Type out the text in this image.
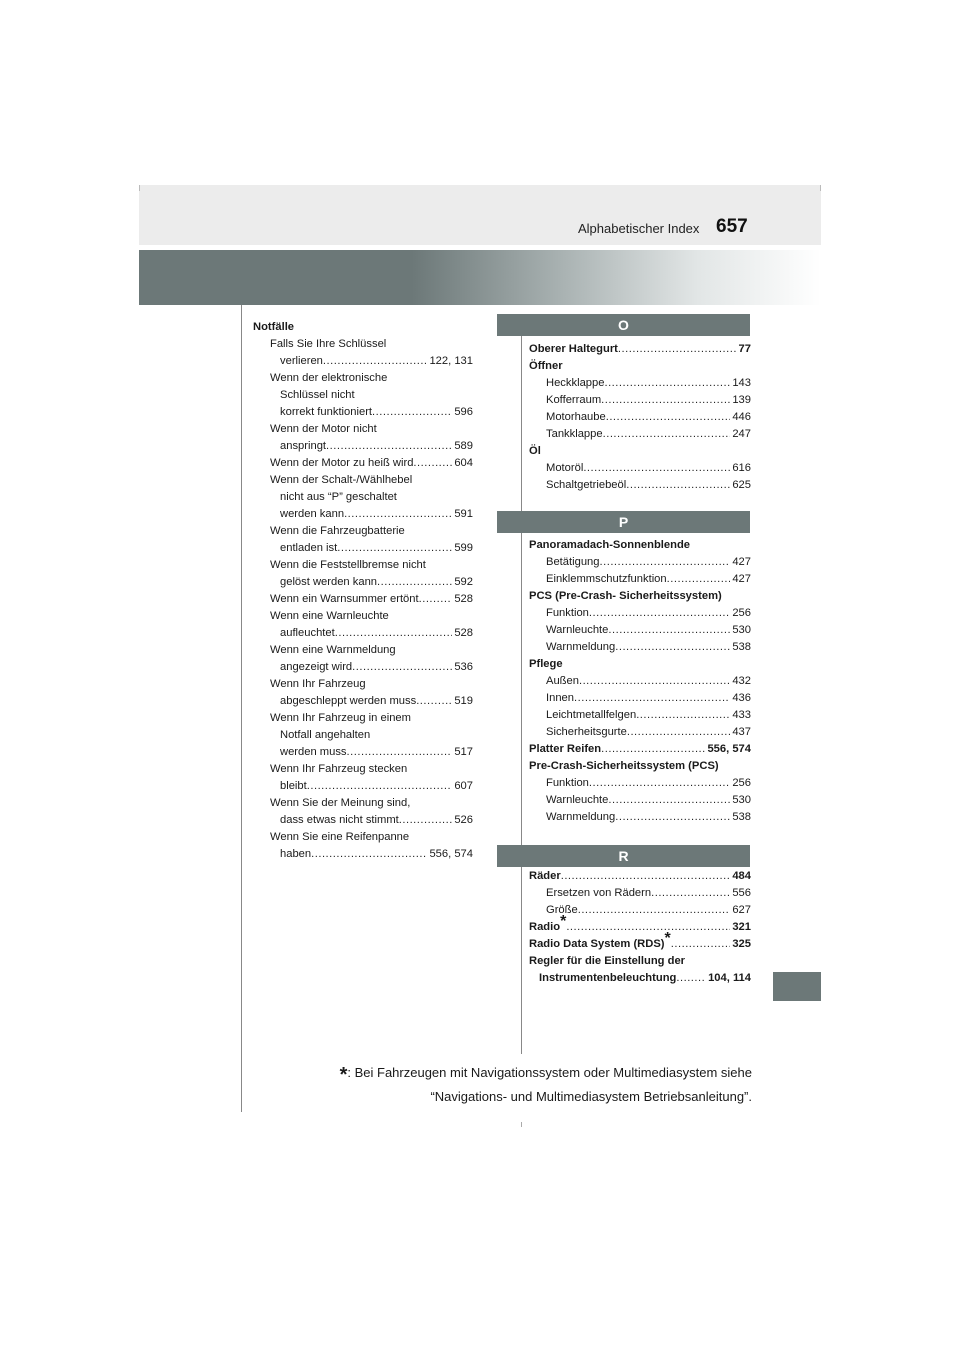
Alphabetischer Index 657
Notfälle
Falls Sie Ihre Schlüssel
verlieren .....	122, 131
Wenn der elektronische
Schlüssel nicht
korrekt funktioniert .....	596
Wenn der Motor nicht
anspringt .....	589
Wenn der Motor zu heiß wird .....	604
Wenn der Schalt-/Wählhebel
nicht aus “P” geschaltet
werden kann .....	591
Wenn die Fahrzeugbatterie
entladen ist .....	599
Wenn die Feststellbremse nicht
gelöst werden kann .....	592
Wenn ein Warnsummer ertönt .....	528
Wenn eine Warnleuchte
aufleuchtet .....	528
Wenn eine Warnmeldung
angezeigt wird .....	536
Wenn Ihr Fahrzeug
abgeschleppt werden muss .....	519
Wenn Ihr Fahrzeug in einem
Notfall angehalten
werden muss .....	517
Wenn Ihr Fahrzeug stecken
bleibt .....	607
Wenn Sie der Meinung sind,
dass etwas nicht stimmt .....	526
Wenn Sie eine Reifenpanne
haben .....	556, 574
O
Oberer Haltegurt .....	77
Öffner
Heckklappe .....	143
Kofferraum .....	139
Motorhaube .....	446
Tankklappe .....	247
Öl
Motoröl .....	616
Schaltgetriebeöl .....	625
P
Panoramadach-Sonnenblende
Betätigung .....	427
Einklemmschutzfunktion .....	427
PCS (Pre-Crash- Sicherheitssystem)
Funktion .....	256
Warnleuchte .....	530
Warnmeldung .....	538
Pflege
Außen .....	432
Innen .....	436
Leichtmetallfelgen .....	433
Sicherheitsgurte .....	437
Platter Reifen .....	556, 574
Pre-Crash-Sicherheitssystem (PCS)
Funktion .....	256
Warnleuchte .....	530
Warnmeldung .....	538
R
Räder .....	484
Ersetzen von Rädern .....	556
Größe .....	627
Radio* .....	321
Radio Data System (RDS)* .....	325
Regler für die Einstellung der
Instrumentenbeleuchtung .....	104, 114
*: Bei Fahrzeugen mit Navigationssystem oder Multimediasystem siehe
“Navigations- und Multimediasystem Betriebsanleitung”.
